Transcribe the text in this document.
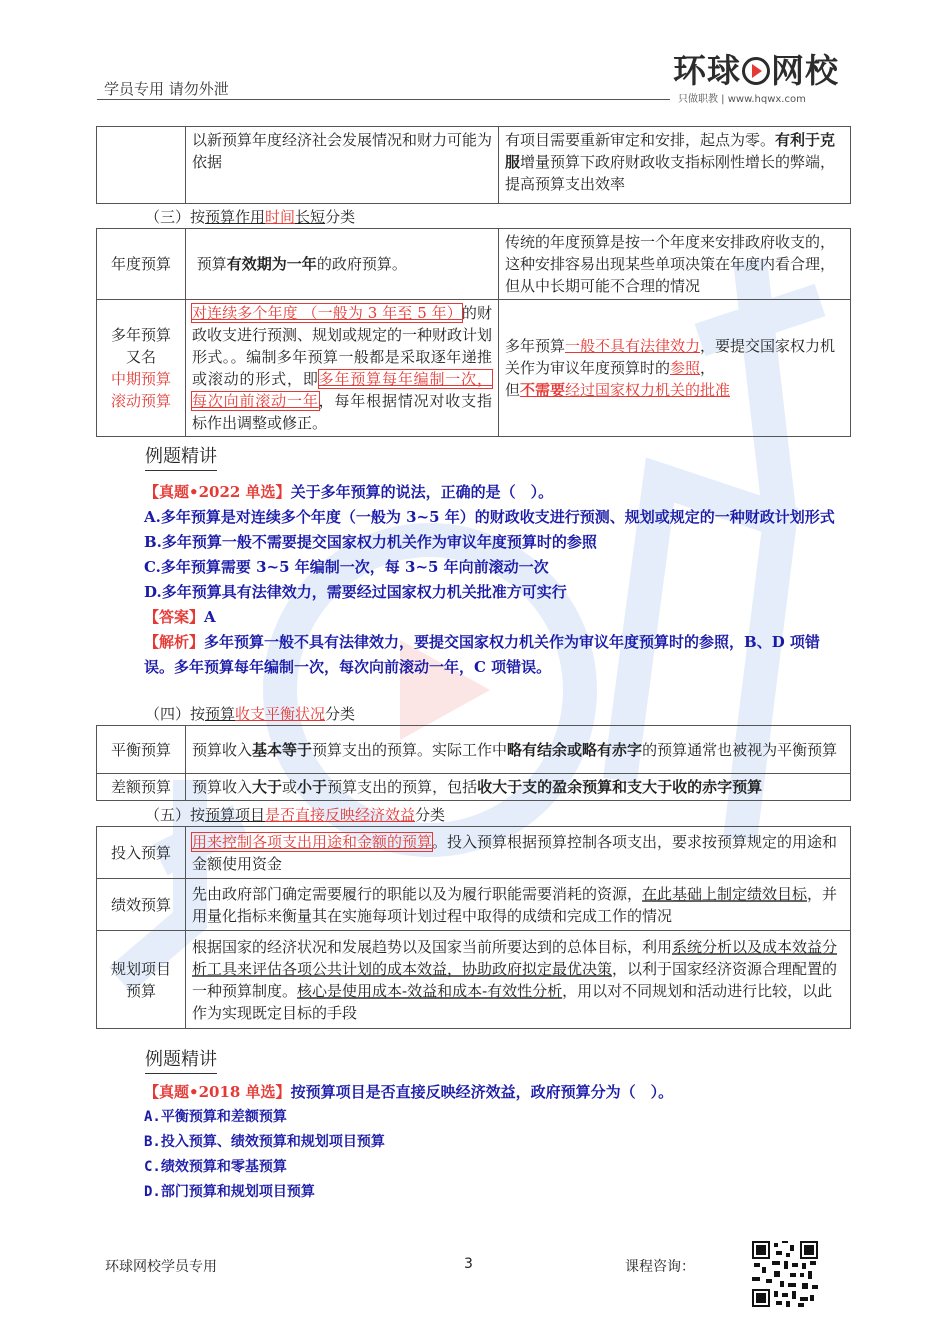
学员专用 请勿外泄	环球 网校
只做职教 | www.hqwx.com
	以新预算年度经济社会发展情况和财力可能为依据	有项目需要重新审定和安排，起点为零。有利于克服增量预算下政府财政收支指标刚性增长的弊端，提高预算支出效率
（三）按预算作用时间长短分类
年度预算	预算有效期为一年的政府预算。	传统的年度预算是按一个年度来安排政府收支的，这种安排容易出现某些单项决策在年度内看合理，但从中长期可能不合理的情况
多年预算
又名
中期预算
滚动预算	对连续多个年度 （一般为 3 年至 5 年）的财政收支进行预测、规划或规定的一种财政计划形式。。编制多年预算一般都是采取逐年递推或滚动的形式，即多年预算每年编制一次，每次向前滚动一年，每年根据情况对收支指标作出调整或修正。	多年预算一般不具有法律效力，要提交国家权力机关作为审议年度预算时的参照，
但不需要经过国家权力机关的批准
例题精讲
【真题•2022 单选】关于多年预算的说法，正确的是（　）。
A.多年预算是对连续多个年度（一般为 3~5 年）的财政收支进行预测、规划或规定的一种财政计划形式
B.多年预算一般不需要提交国家权力机关作为审议年度预算时的参照
C.多年预算需要 3~5 年编制一次，每 3~5 年向前滚动一次
D.多年预算具有法律效力，需要经过国家权力机关批准方可实行
【答案】A
【解析】多年预算一般不具有法律效力，要提交国家权力机关作为审议年度预算时的参照，B、D 项错误。多年预算每年编制一次，每次向前滚动一年，C 项错误。
（四）按预算收支平衡状况分类
平衡预算	预算收入基本等于预算支出的预算。实际工作中略有结余或略有赤字的预算通常也被视为平衡预算
差额预算	预算收入大于或小于预算支出的预算，包括收大于支的盈余预算和支大于收的赤字预算
（五）按预算项目是否直接反映经济效益分类
投入预算	用来控制各项支出用途和金额的预算。投入预算根据预算控制各项支出，要求按预算规定的用途和金额使用资金
绩效预算	先由政府部门确定需要履行的职能以及为履行职能需要消耗的资源，在此基础上制定绩效目标，并用量化指标来衡量其在实施每项计划过程中取得的成绩和完成工作的情况
规划项目
预算	根据国家的经济状况和发展趋势以及国家当前所要达到的总体目标，利用系统分析以及成本效益分析工具来评估各项公共计划的成本效益，协助政府拟定最优决策，以利于国家经济资源合理配置的一种预算制度。核心是使用成本-效益和成本-有效性分析，用以对不同规划和活动进行比较，以此作为实现既定目标的手段
例题精讲
【真题•2018 单选】按预算项目是否直接反映经济效益，政府预算分为（　）。
A.平衡预算和差额预算
B.投入预算、绩效预算和规划项目预算
C.绩效预算和零基预算
D.部门预算和规划项目预算
环球网校学员专用	3	课程咨询：
